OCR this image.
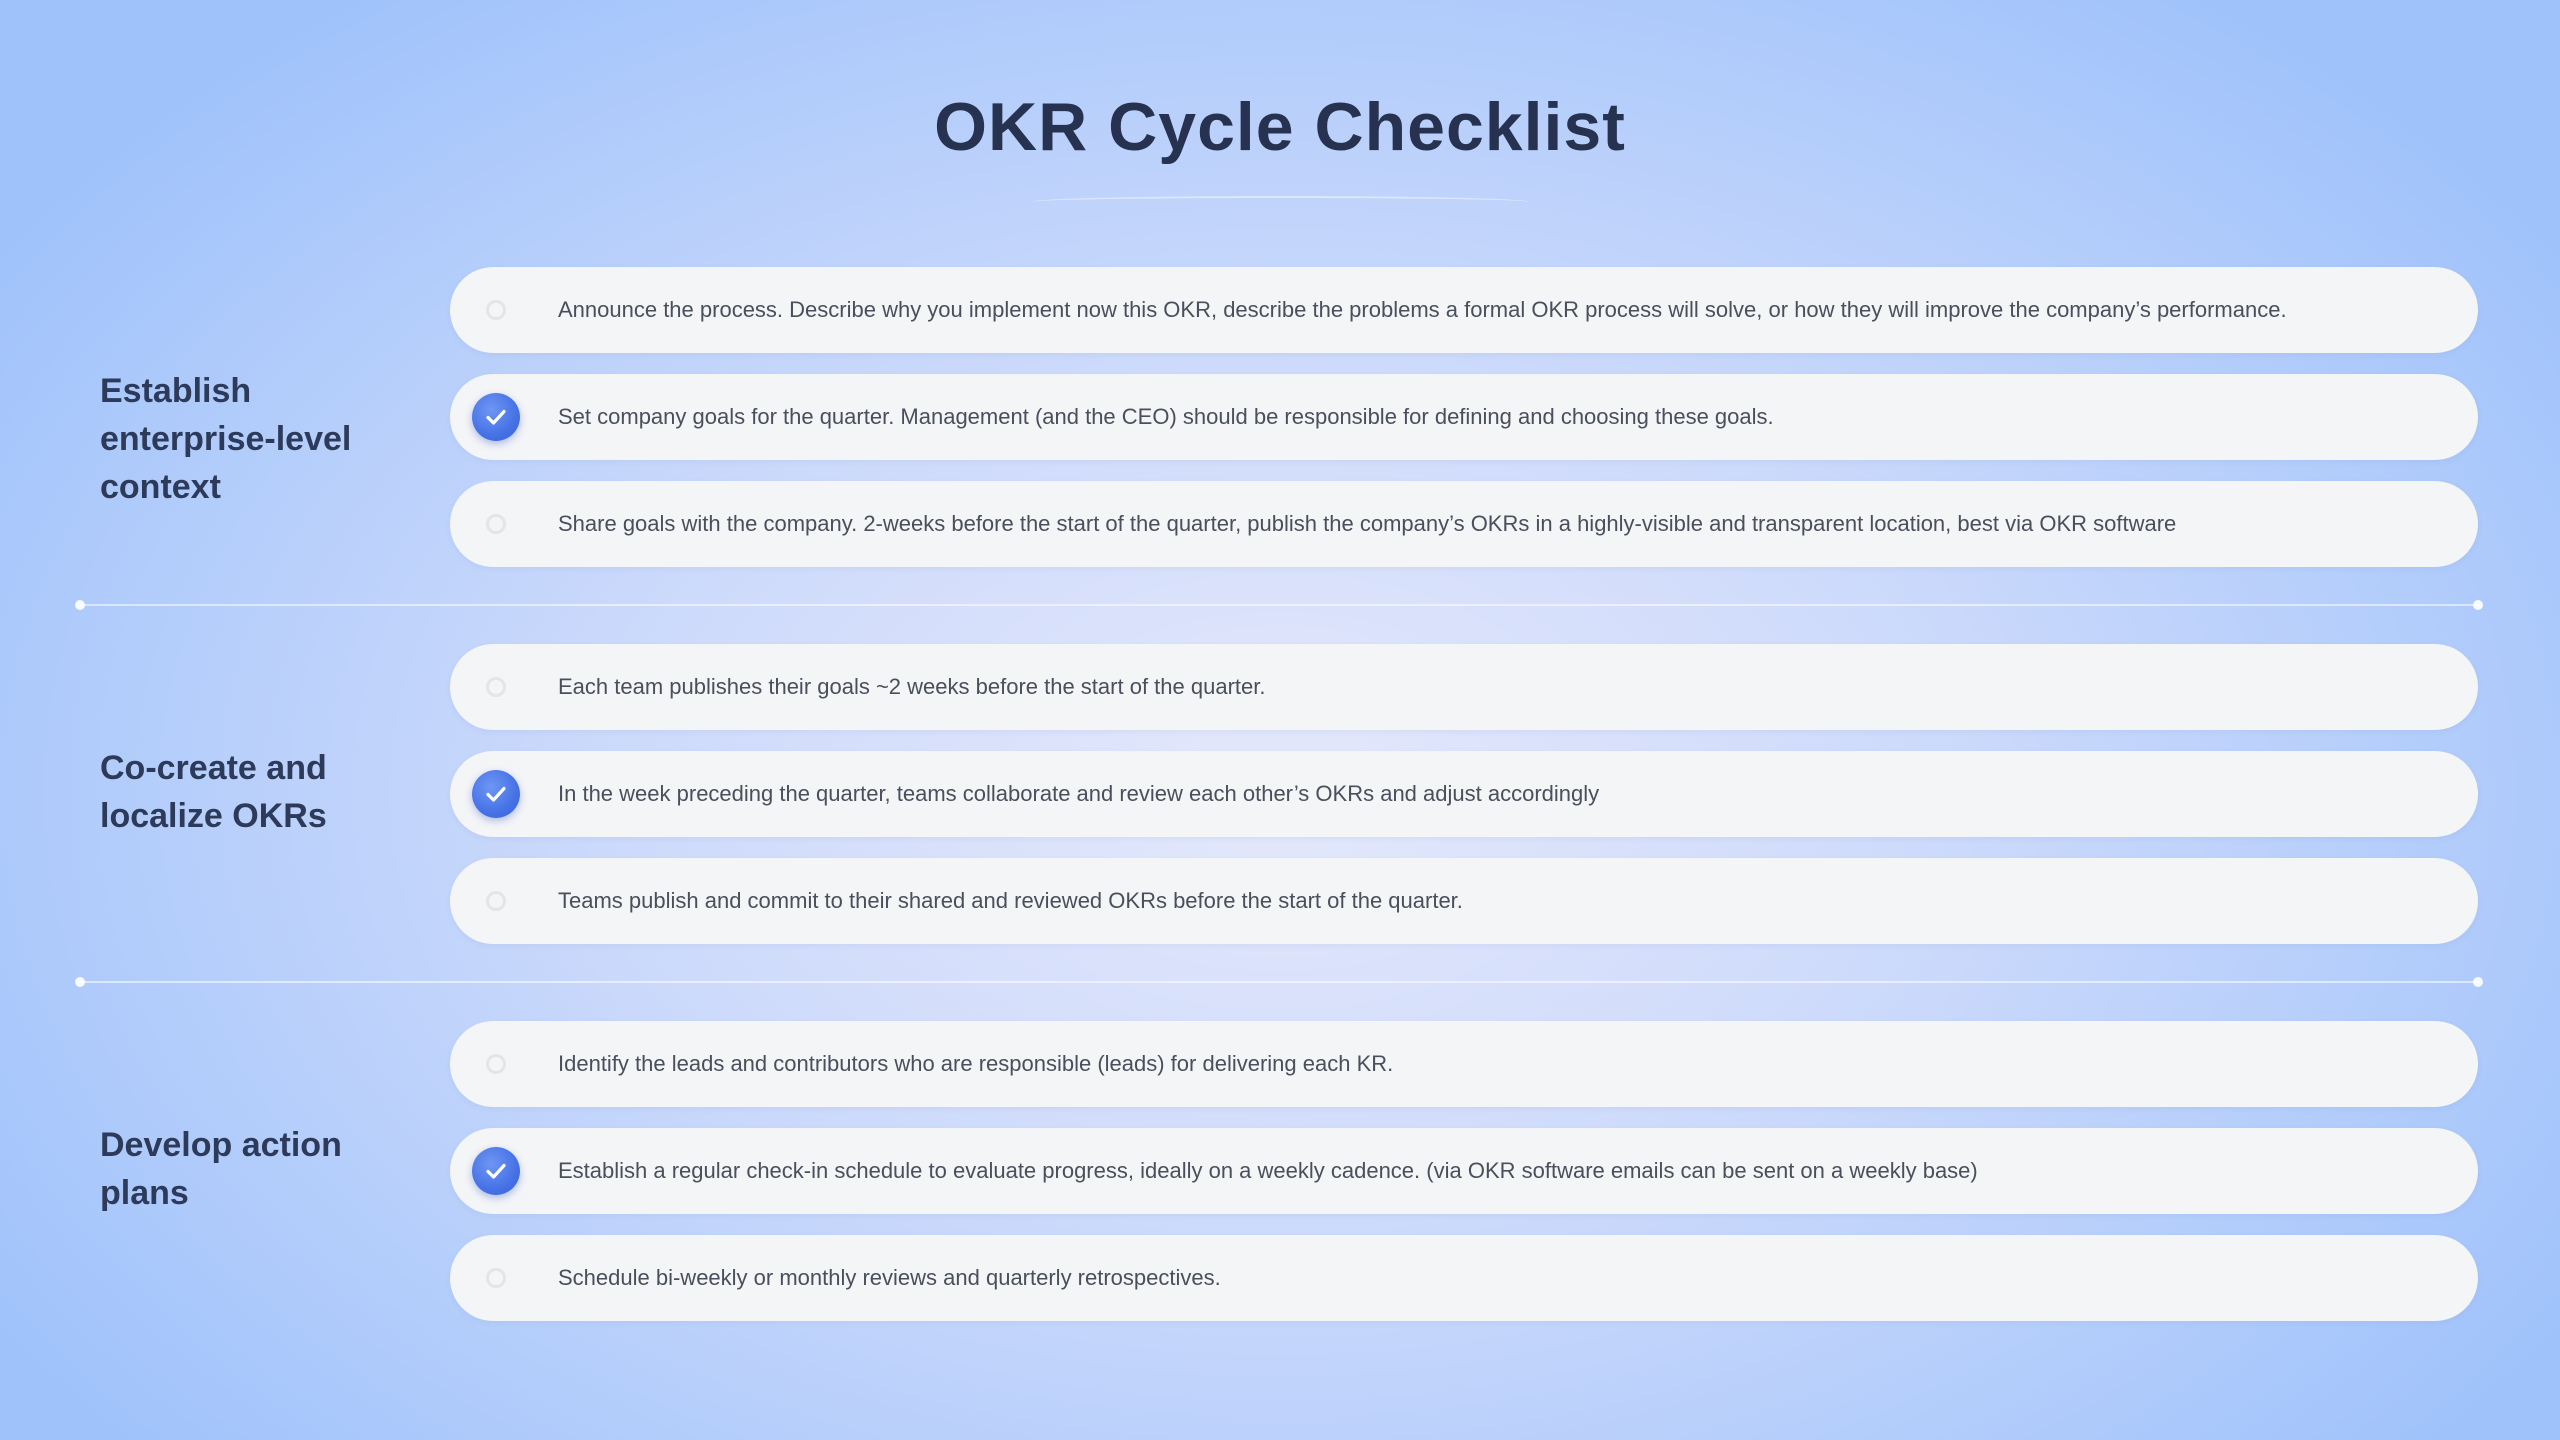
OKR Cycle Checklist
Establish enterprise-level context
Announce the process. Describe why you implement now this OKR, describe the problems a formal OKR process will solve, or how they will improve the company’s performance.
Set company goals for the quarter. Management (and the CEO) should be responsible for defining and choosing these goals.
Share goals with the company. 2-weeks before the start of the quarter, publish the company’s OKRs in a highly-visible and transparent location, best via OKR software
Co-create and localize OKRs
Each team publishes their goals ~2 weeks before the start of the quarter.
In the week preceding the quarter, teams collaborate and review each other’s OKRs and adjust accordingly
Teams publish and commit to their shared and reviewed OKRs before the start of the quarter.
Develop action plans
Identify the leads and contributors who are responsible (leads) for delivering each KR.
Establish a regular check-in schedule to evaluate progress, ideally on a weekly cadence. (via OKR software emails can be sent on a weekly base)
Schedule bi-weekly or monthly reviews and quarterly retrospectives.
